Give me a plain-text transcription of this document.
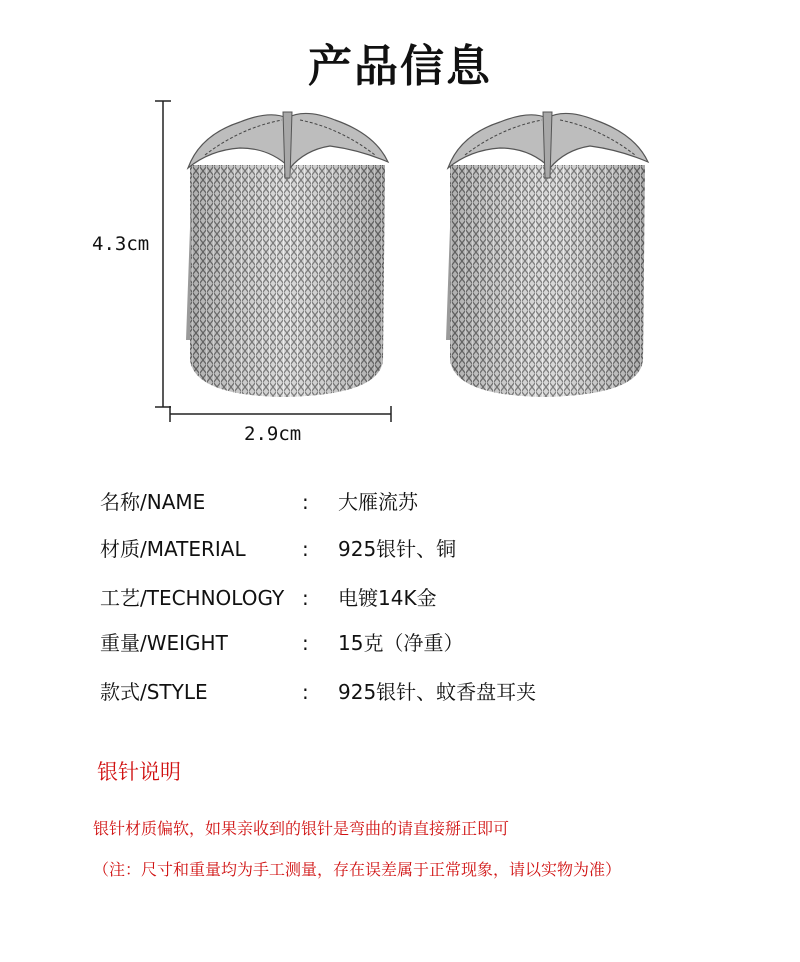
产品信息
4.3cm
2.9cm
名称/NAME	: 大雁流苏
材质/MATERIAL	: 925银针、铜
工艺/TECHNOLOGY : 电镀14K金
重量/WEIGHT	: 15克（净重）
款式/STYLE	: 925银针、蚊香盘耳夹
银针说明
银针材质偏软，如果亲收到的银针是弯曲的请直接掰正即可
（注：尺寸和重量均为手工测量，存在误差属于正常现象，请以实物为准）
